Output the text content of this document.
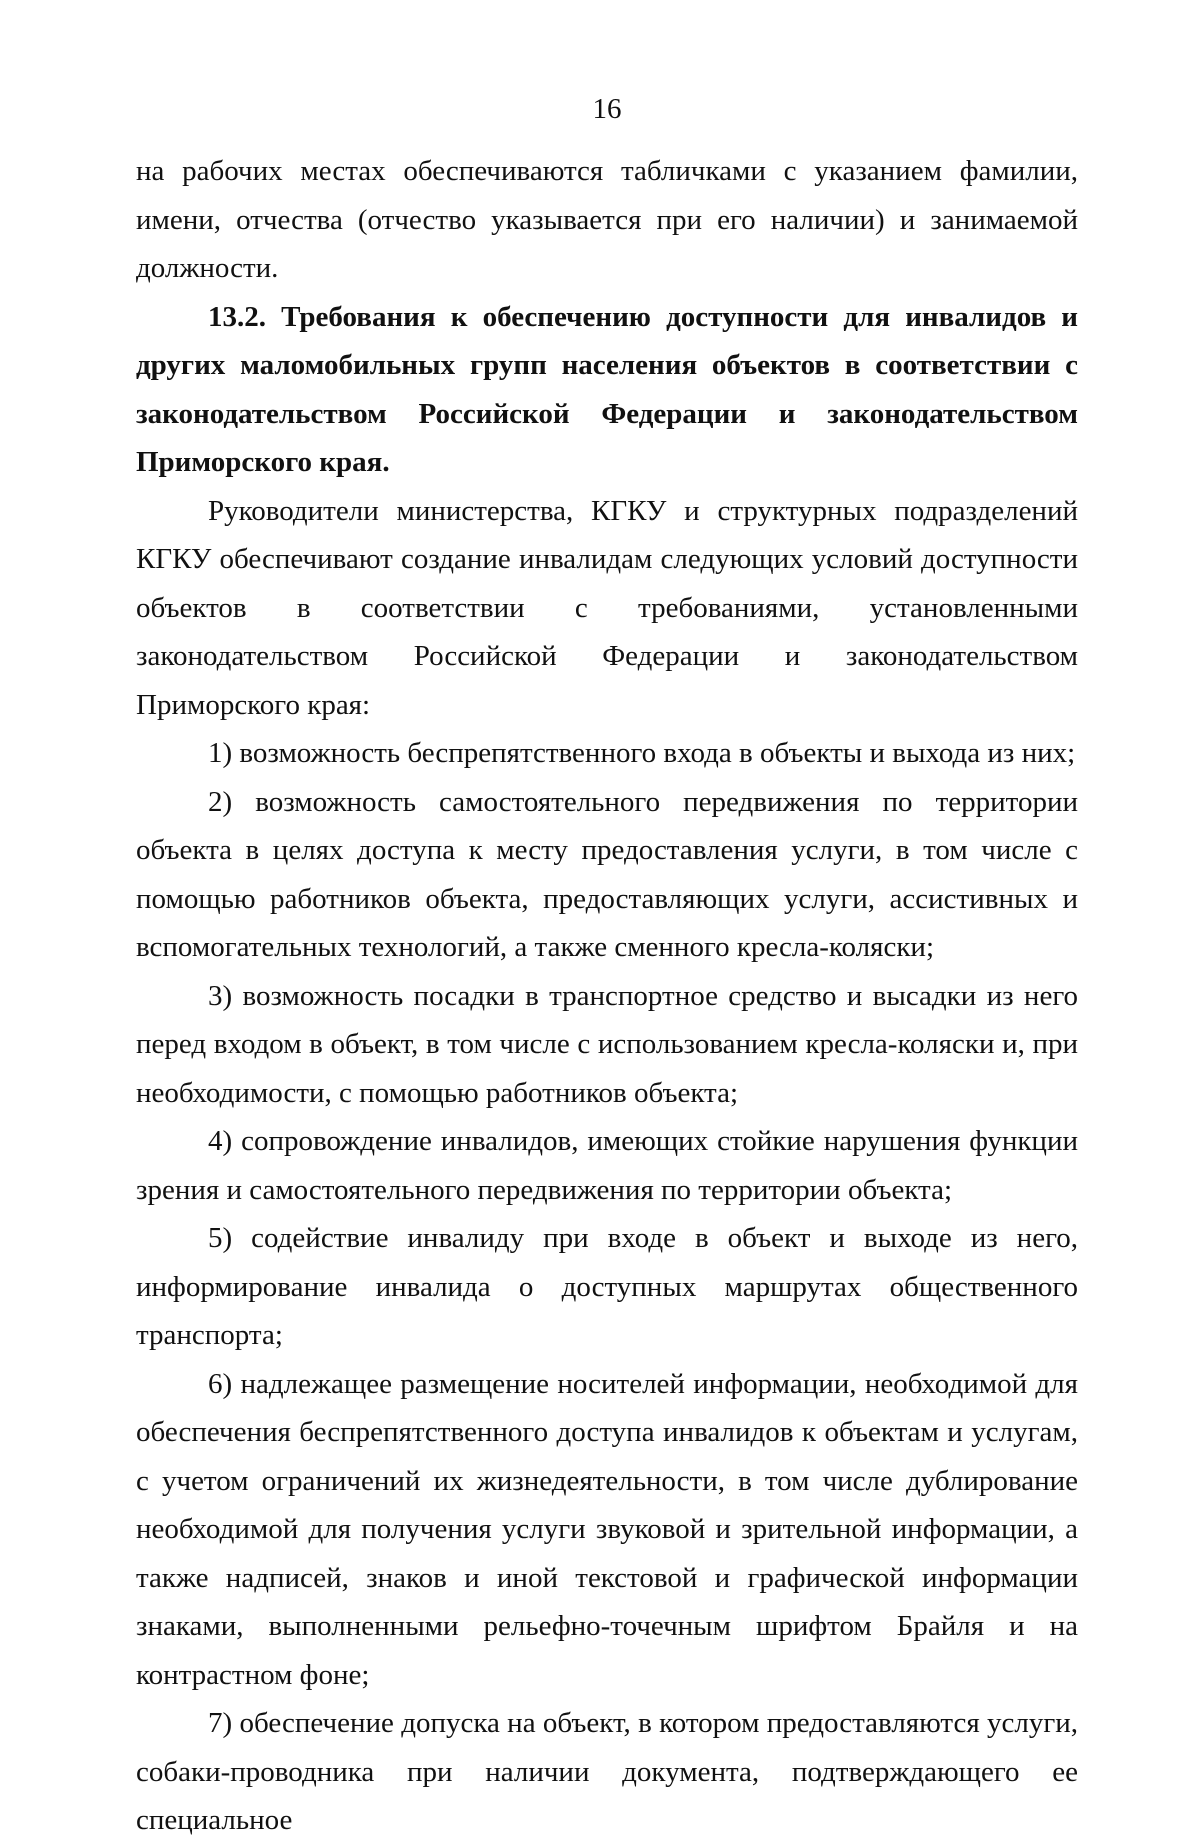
16

на рабочих местах обеспечиваются табличками с указанием фамилии, имени, отчества (отчество указывается при его наличии) и занимаемой должности.

13.2. Требования к обеспечению доступности для инвалидов и других маломобильных групп населения объектов в соответствии с законодательством Российской Федерации и законодательством Приморского края.

Руководители министерства, КГКУ и структурных подразделений КГКУ обеспечивают создание инвалидам следующих условий доступности объектов в соответствии с требованиями, установленными законодательством Российской Федерации и законодательством Приморского края:

1) возможность беспрепятственного входа в объекты и выхода из них;

2) возможность самостоятельного передвижения по территории объекта в целях доступа к месту предоставления услуги, в том числе с помощью работников объекта, предоставляющих услуги, ассистивных и вспомогательных технологий, а также сменного кресла-коляски;

3) возможность посадки в транспортное средство и высадки из него перед входом в объект, в том числе с использованием кресла-коляски и, при необходимости, с помощью работников объекта;

4) сопровождение инвалидов, имеющих стойкие нарушения функции зрения и самостоятельного передвижения по территории объекта;

5) содействие инвалиду при входе в объект и выходе из него, информирование инвалида о доступных маршрутах общественного транспорта;

6) надлежащее размещение носителей информации, необходимой для обеспечения беспрепятственного доступа инвалидов к объектам и услугам, с учетом ограничений их жизнедеятельности, в том числе дублирование необходимой для получения услуги звуковой и зрительной информации, а также надписей, знаков и иной текстовой и графической информации знаками, выполненными рельефно-точечным шрифтом Брайля и на контрастном фоне;

7) обеспечение допуска на объект, в котором предоставляются услуги, собаки-проводника при наличии документа, подтверждающего ее специальное
